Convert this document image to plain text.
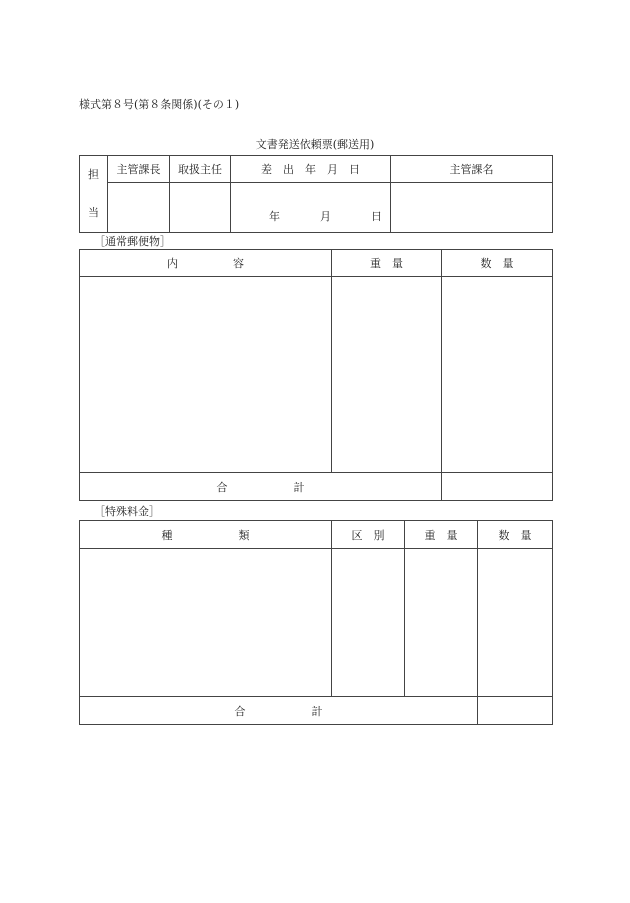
様式第８号(第８条関係)(その１)
文書発送依頼票(郵送用)
担
当	主管課長	取扱主任	差　出　年　月　日	主管課名
			年 月 日	
［通常郵便物］
内　　　　　容	重　量	数　量

合　　　　　　計		
［特殊料金］
種　　　　　　類	区　別	重　量	数　量

合　　　　　　計			
